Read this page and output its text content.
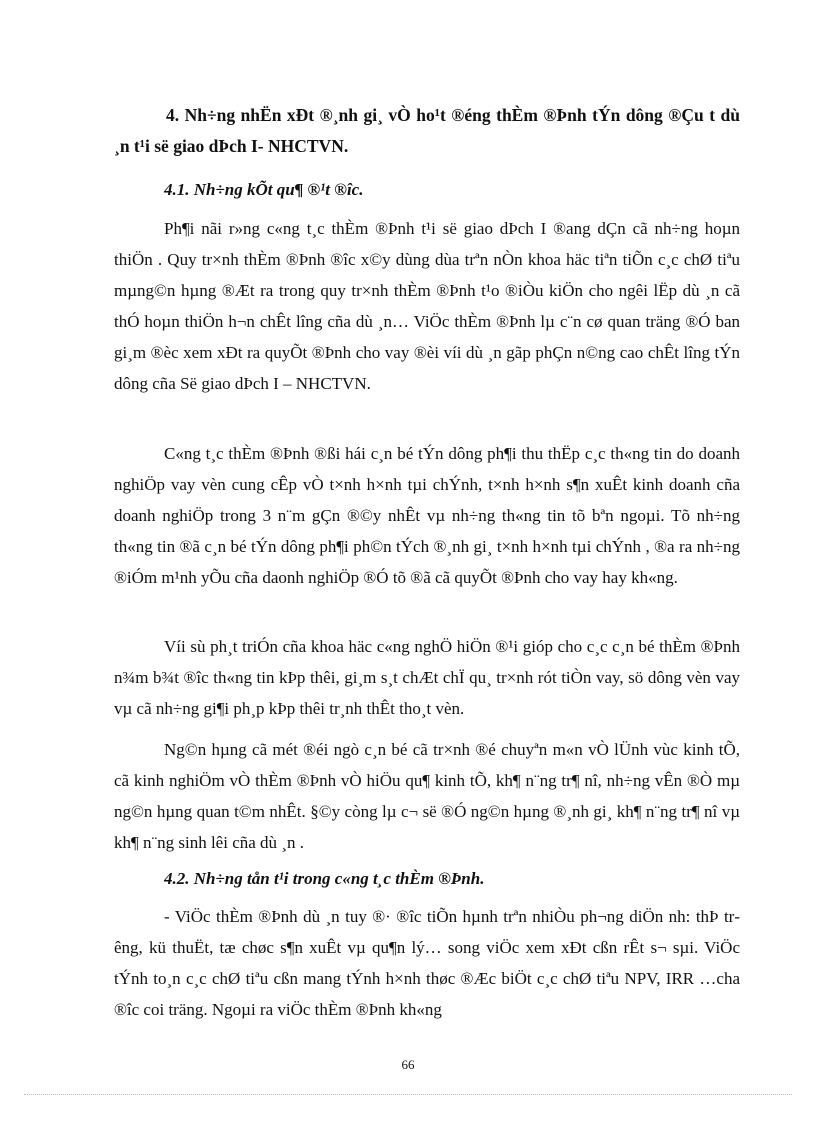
4. Nh÷ng nhËn xÐt ®¸nh gi¸ vÒ ho¹t ®éng thÈm ®Þnh tÝn dông ®Çu t dù ¸n t¹i së giao dÞch I- NHCTVN.
4.1. Nh÷ng kÕt qu¶ ®¹t ®îc.

Ph¶i nãi r»ng c«ng t¸c thÈm ®Þnh t¹i së giao dÞch I ®ang dÇn cã nh÷ng hoµn thiÖn . Quy tr×nh thÈm ®Þnh ®îc x©y dùng dùa trªn nÒn khoa häc tiªn tiÕn c¸c chØ tiªu mµng©n hµng ®Æt ra trong quy tr×nh thÈm ®Þnh t¹o ®iÒu kiÖn cho ngêi lËp dù ¸n cã thÓ hoµn thiÖn h¬n chÊt lîng cña dù ¸n… ViÖc thÈm ®Þnh lµ c¨n cø quan träng ®Ó ban gi¸m ®èc xem xÐt ra quyÕt ®Þnh cho vay ®èi víi dù ¸n gãp phÇn n©ng cao chÊt lîng tÝn dông cña Së giao dÞch I – NHCTVN.

C«ng t¸c thÈm ®Þnh ®ßi hái c¸n bé tÝn dông ph¶i thu thËp c¸c th«ng tin do doanh nghiÖp vay vèn cung cÊp vÒ t×nh h×nh tµi chÝnh, t×nh h×nh s¶n xuÊt kinh doanh cña doanh nghiÖp trong 3 n¨m gÇn ®©y nhÊt vµ nh÷ng th«ng tin tõ bªn ngoµi. Tõ nh÷ng th«ng tin ®ã c¸n bé tÝn dông ph¶i ph©n tÝch ®¸nh gi¸ t×nh h×nh tµi chÝnh , ®a ra nh÷ng ®iÓm m¹nh yÕu cña daonh nghiÖp ®Ó tõ ®ã cã quyÕt ®Þnh cho vay hay kh«ng.

Víi sù ph¸t triÓn cña khoa häc c«ng nghÖ hiÖn ®¹i gióp cho c¸c c¸n bé thÈm ®Þnh n¾m b¾t ®îc th«ng tin kÞp thêi, gi¸m s¸t chÆt chÏ qu¸ tr×nh rót tiÒn vay, sö dông vèn vay vµ cã nh÷ng gi¶i ph¸p kÞp thêi tr¸nh thÊt tho¸t vèn.

Ng©n hµng cã mét ®éi ngò c¸n bé cã tr×nh ®é chuyªn m«n vÒ lÜnh vùc kinh tÕ, cã kinh nghiÖm vÒ thÈm ®Þnh vÒ hiÖu qu¶ kinh tÕ, kh¶ n¨ng tr¶ nî, nh÷ng vÊn ®Ò mµ ng©n hµng quan t©m nhÊt. §©y còng lµ c¬ së ®Ó ng©n hµng ®¸nh gi¸ kh¶ n¨ng tr¶ nî vµ kh¶ n¨ng sinh lêi cña dù ¸n .

4.2. Nh÷ng tån t¹i trong c«ng t¸c thÈm ®Þnh.

- ViÖc thÈm ®Þnh dù ¸n tuy ®· ®îc tiÕn hµnh trªn nhiÒu ph¬ng diÖn nh: thÞ trêng, kü thuËt, tæ chøc s¶n xuÊt vµ qu¶n lý… song viÖc xem xÐt cßn rÊt s¬ sµi. ViÖc tÝnh to¸n c¸c chØ tiªu cßn mang tÝnh h×nh thøc ®Æc biÖt c¸c chØ tiªu NPV, IRR …cha ®îc coi träng. Ngoµi ra viÖc thÈm ®Þnh kh«ng

66
